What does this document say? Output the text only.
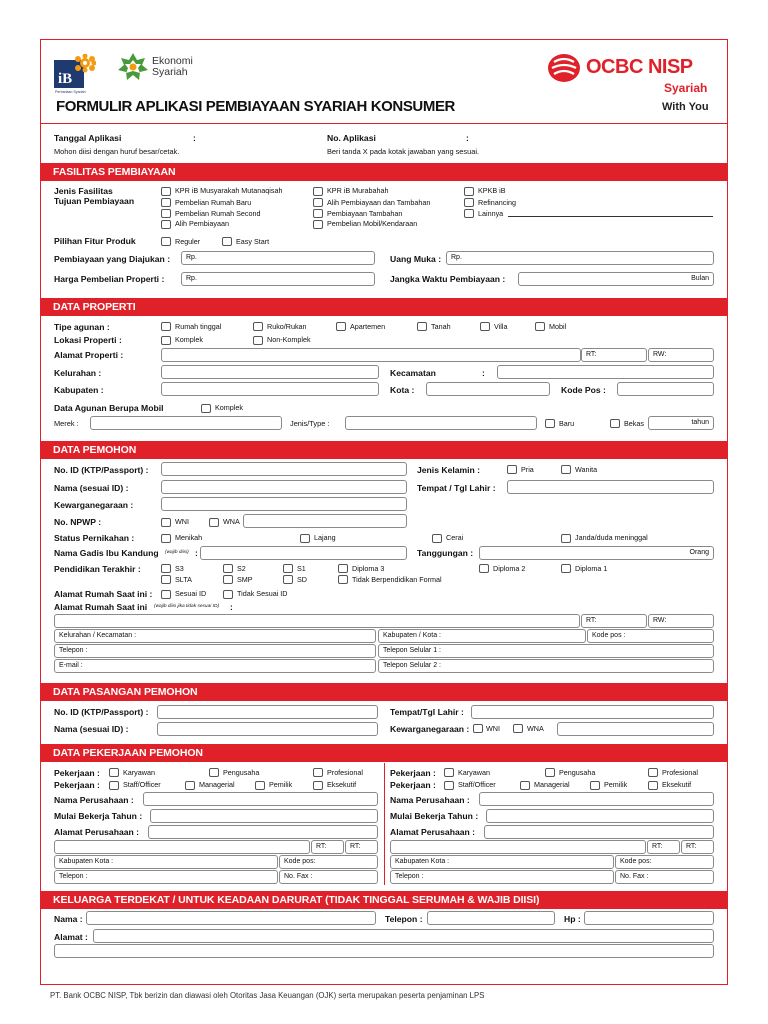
iB
Perbankan Syariah
Ekonomi
Syariah	OCBC NISP
Syariah
With You
FORMULIR APLIKASI PEMBIAYAAN SYARIAH KONSUMER
Tanggal Aplikasi	:	No. Aplikasi	:
Mohon diisi dengan huruf besar/cetak.	Beri tanda X pada kotak jawaban yang sesuai.
FASILITAS PEMBIAYAAN
Jenis Fasilitas
Tujuan Pembiayaan
KPR iB Musyarakah Mutanaqisah
Pembelian Rumah Baru
Pembelian Rumah Second
Alih Pembiayaan
KPR iB Murabahah
Alih Pembiayaan dan Tambahan
Pembiayaan Tambahan
Pembelian Mobil/Kendaraan
KPKB iB
Refinancing
Lainnya
Pilihan Fitur Produk	Reguler	Easy Start
Pembiayaan yang Diajukan :	Rp.	Uang Muka :	Rp.
Harga Pembelian Properti :	Rp.	Jangka Waktu Pembiayaan :	Bulan
DATA PROPERTI
Tipe agunan :	Rumah tinggal	Ruko/Rukan	Apartemen	Tanah	Villa	Mobil
Lokasi Properti :	Komplek	Non-Komplek
Alamat Properti :	RT:	RW:
Kelurahan :	Kecamatan	:
Kabupaten :	Kota :	Kode Pos :
Data Agunan Berupa Mobil	Komplek
Merek :	Jenis/Type :	Baru	Bekas	tahun
DATA PEMOHON
No. ID (KTP/Passport) :	Jenis Kelamin :	Pria	Wanita
Nama (sesuai ID) :	Tempat / Tgl Lahir :
Kewarganegaraan :
No. NPWP :	WNI	WNA
Status Pernikahan :	Menikah	Lajang	Cerai	Janda/duda meninggal
Nama Gadis Ibu Kandung (wajib diisi) :	Tanggungan :	Orang
Pendidikan Terakhir :	S3	S2	S1	Diploma 3	Diploma 2	Diploma 1
SLTA	SMP	SD	Tidak Berpendidikan Formal
Alamat Rumah Saat ini :	Sesuai ID	Tidak Sesuai ID
Alamat Rumah Saat ini (wajib diisi jika tidak sesuai ID) :
RT:	RW:
Kelurahan / Kecamatan :	Kabupaten / Kota :	Kode pos :
Telepon :	Telepon Selular 1 :
E-mail :	Telepon Selular 2 :
DATA PASANGAN PEMOHON
No. ID (KTP/Passport) :	Tempat/Tgl Lahir :
Nama (sesuai ID) :	Kewarganegaraan : WNI	WNA
DATA PEKERJAAN PEMOHON
Pekerjaan :	Karyawan	Pengusaha	Profesional
Pekerjaan :	Staff/Officer	Managerial	Pemilik	Eksekutif
Nama Perusahaan :
Mulai Bekerja Tahun :
Alamat Perusahaan :
RT:	RT:
Kabupaten Kota :	Kode pos:
Telepon :	No. Fax :
Pekerjaan :	Karyawan	Pengusaha	Profesional
Pekerjaan :	Staff/Officer	Managerial	Pemilik	Eksekutif
Nama Perusahaan :
Mulai Bekerja Tahun :
Alamat Perusahaan :
RT:	RT:
Kabupaten Kota :	Kode pos:
Telepon :	No. Fax :
KELUARGA TERDEKAT / UNTUK KEADAAN DARURAT (TIDAK TINGGAL SERUMAH & WAJIB DIISI)
Nama :	Telepon :	Hp :
Alamat :
PT. Bank OCBC NISP, Tbk berizin dan diawasi oleh Otoritas Jasa Keuangan (OJK) serta merupakan peserta penjaminan LPS
